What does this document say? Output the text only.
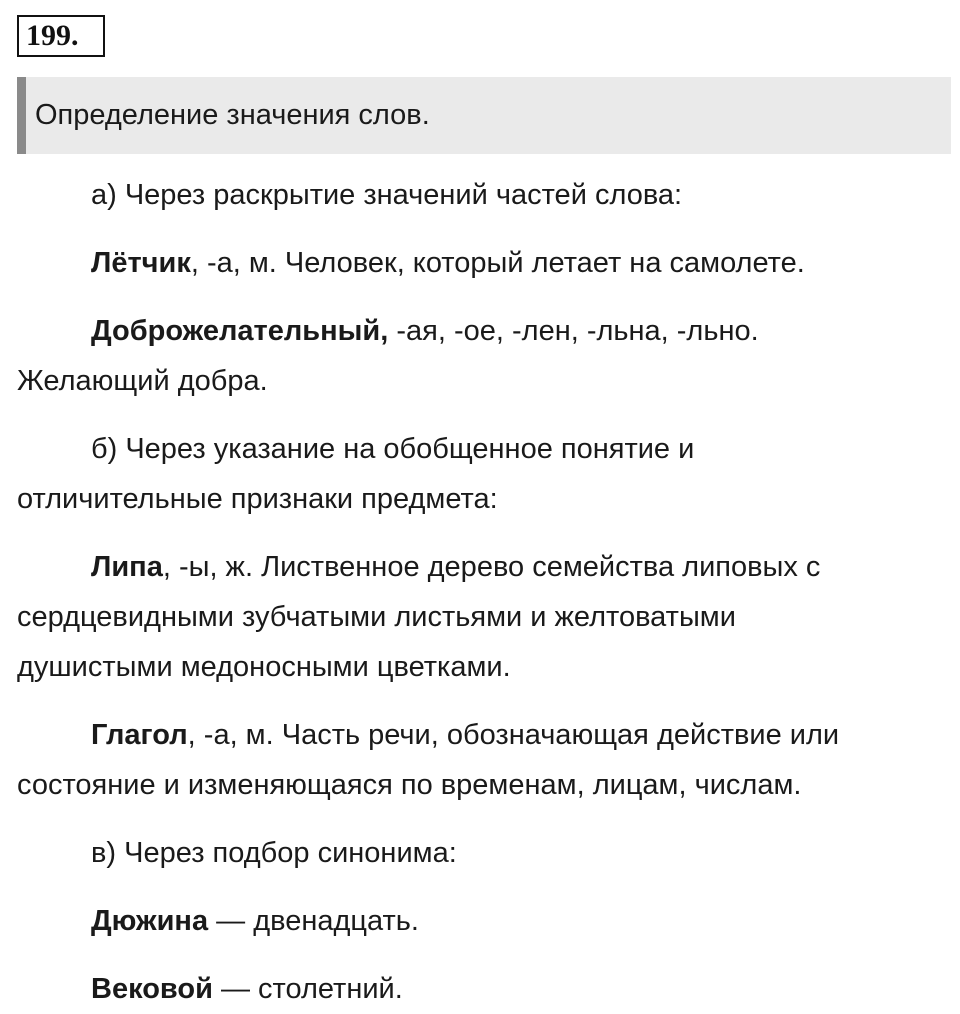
199.
Определение значения слов.

а) Через раскрытие значений частей слова:

Лётчик, -а, м. Человек, который летает на самолете.

Доброжелательный, -ая, -ое, -лен, -льна, -льно.
Желающий добра.

б) Через указание на обобщенное понятие и
отличительные признаки предмета:

Липа, -ы, ж. Лиственное дерево семейства липовых с
сердцевидными зубчатыми листьями и желтоватыми
душистыми медоносными цветками.

Глагол, -а, м. Часть речи, обозначающая действие или
состояние и изменяющаяся по временам, лицам, числам.

в) Через подбор синонима:

Дюжина — двенадцать.

Вековой — столетний.
